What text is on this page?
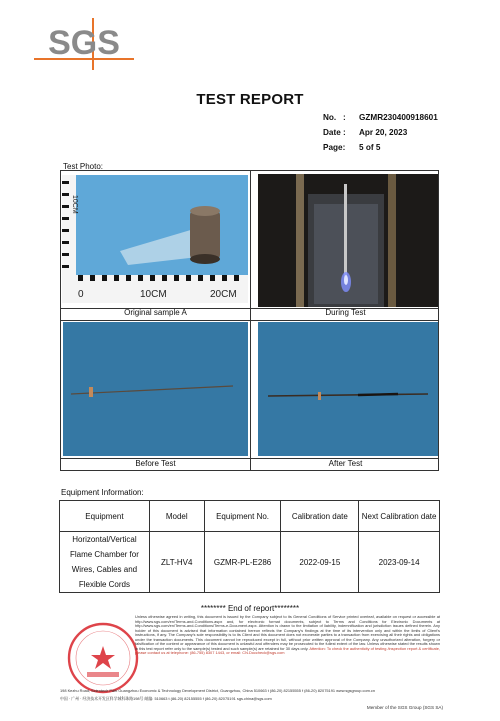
SGS
TEST REPORT
No. :	GZMR230400918601
Date :	Apr 20, 2023
Page:	5 of 5
Test Photo:
0	10CM	20CM
10CM
Original sample A	During Test
Before Test	After Test
Equipment Information:
Equipment	Model	Equipment No.	Calibration date	Next Calibration date
Horizontal/Vertical Flame Chamber for Wires, Cables and Flexible Cords	ZLT-HV4	GZMR-PL-E286	2022-09-15	2023-09-14
******** End of report********
Unless otherwise agreed in writing, this document is issued by the Company subject to its General Conditions of Service printed overleaf, available on request or accessible at http://www.sgs.com/en/Terms-and-Conditions.aspx and, for electronic format documents, subject to Terms and Conditions for Electronic Documents at http://www.sgs.com/en/Terms-and-Conditions/Terms-e-Document.aspx. Attention is drawn to the limitation of liability, indemnification and jurisdiction issues defined therein. Any holder of this document is advised that information contained hereon reflects the Company's findings at the time of its intervention only and within the limits of Client's instructions, if any. The Company's sole responsibility is to its Client and this document does not exonerate parties to a transaction from exercising all their rights and obligations under the transaction documents. This document cannot be reproduced except in full, without prior written approval of the Company. Any unauthorized alteration, forgery or falsification of the content or appearance of this document is unlawful and offenders may be prosecuted to the fullest extent of the law. Unless otherwise stated the results shown in this test report refer only to the sample(s) tested and such sample(s) are retained for 30 days only. Attention: To check the authenticity of testing /inspection report & certificate, please contact us at telephone: (86-755) 8307 1443, or email: CN.Doccheck@sgs.com
198 Kezhu Road, Scientech Park Guangzhou Economic & Technology Development District, Guangzhou, China 510663 t (86-20) 82155555 f (86-20) 82075191 www.sgsgroup.com.cn
中国 · 广州 · 经济技术开发区科学城科珠路198号 邮编: 510663 t (86-20) 82155555 f (86-20) 82075191 sgs.china@sgs.com
Member of the SGS Group (SGS SA)
